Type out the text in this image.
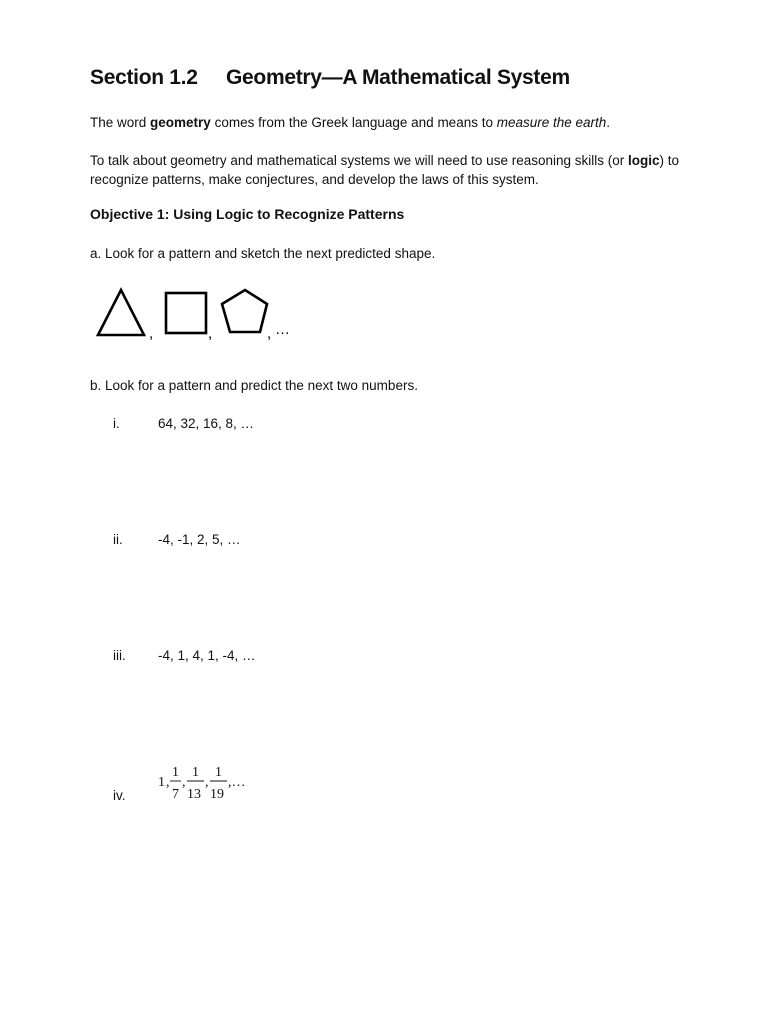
Section 1.2 Geometry—A Mathematical System
The word geometry comes from the Greek language and means to measure the earth.
To talk about geometry and mathematical systems we will need to use reasoning skills (or logic) to recognize patterns, make conjectures, and develop the laws of this system.
Objective 1: Using Logic to Recognize Patterns
a. Look for a pattern and sketch the next predicted shape.
,	,	, …
b. Look for a pattern and predict the next two numbers.
i.	64, 32, 16, 8, …
ii.	-4, -1, 2, 5, …
iii. -4, 1, 4, 1, -4, …
iv.
1 ,
1
7
,
1
13
,
1
19
,…
